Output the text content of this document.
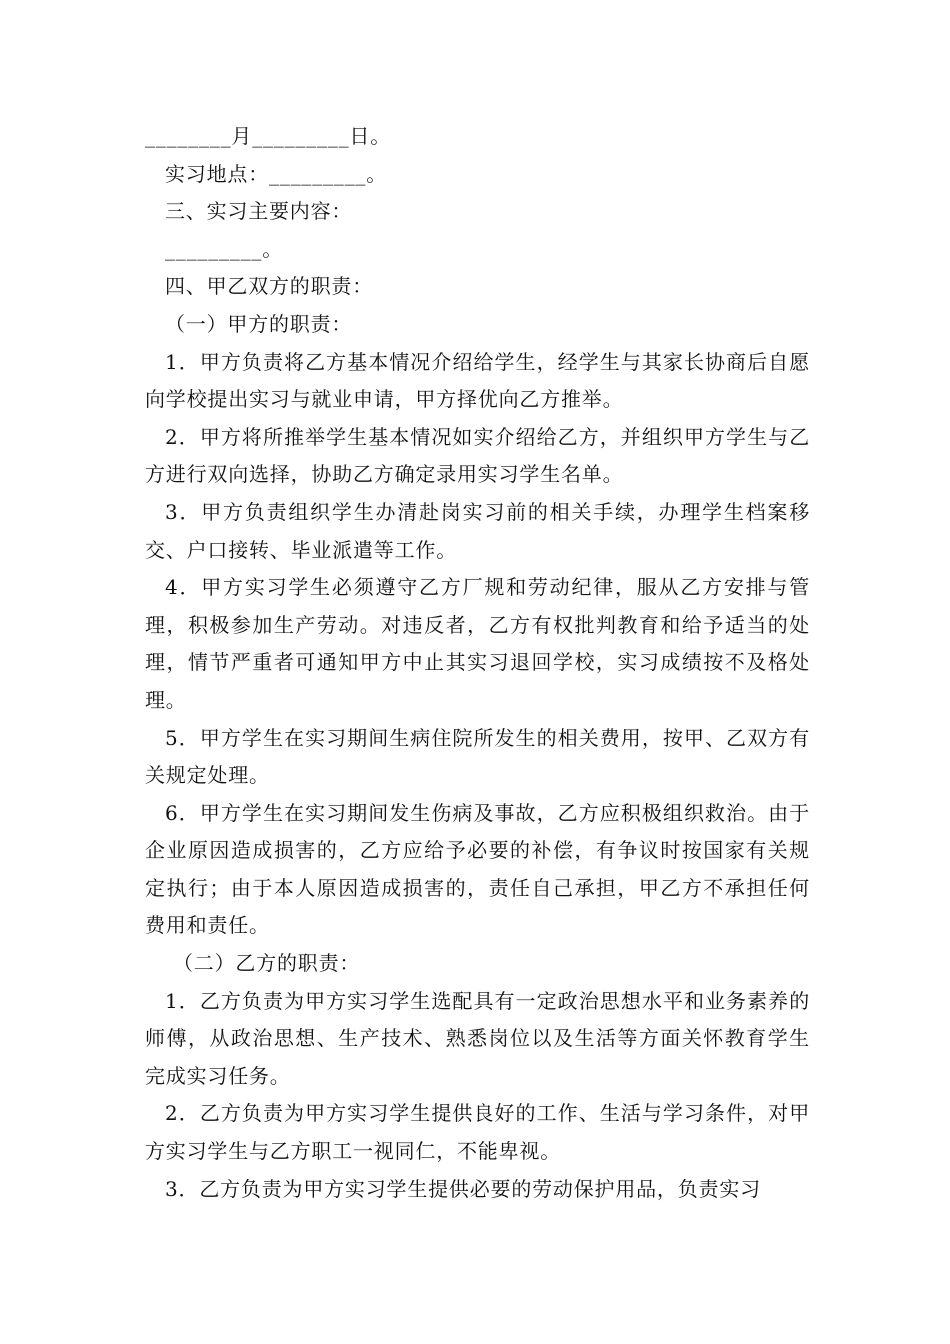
________月_________日。

实习地点：_________。

三、实习主要内容：

_________。

四、甲乙双方的职责：

（一）甲方的职责：

1．甲方负责将乙方基本情况介绍给学生，经学生与其家长协商后自愿向学校提出实习与就业申请，甲方择优向乙方推举。

2．甲方将所推举学生基本情况如实介绍给乙方，并组织甲方学生与乙方进行双向选择，协助乙方确定录用实习学生名单。

3．甲方负责组织学生办清赴岗实习前的相关手续，办理学生档案移交、户口接转、毕业派遣等工作。

4．甲方实习学生必须遵守乙方厂规和劳动纪律，服从乙方安排与管理，积极参加生产劳动。对违反者，乙方有权批判教育和给予适当的处理，情节严重者可通知甲方中止其实习退回学校，实习成绩按不及格处理。

5．甲方学生在实习期间生病住院所发生的相关费用，按甲、乙双方有关规定处理。

6．甲方学生在实习期间发生伤病及事故，乙方应积极组织救治。由于企业原因造成损害的，乙方应给予必要的补偿，有争议时按国家有关规定执行；由于本人原因造成损害的，责任自己承担，甲乙方不承担任何费用和责任。

（二）乙方的职责：

1．乙方负责为甲方实习学生选配具有一定政治思想水平和业务素养的师傅，从政治思想、生产技术、熟悉岗位以及生活等方面关怀教育学生完成实习任务。

2．乙方负责为甲方实习学生提供良好的工作、生活与学习条件，对甲方实习学生与乙方职工一视同仁，不能卑视。

3．乙方负责为甲方实习学生提供必要的劳动保护用品，负责实习
